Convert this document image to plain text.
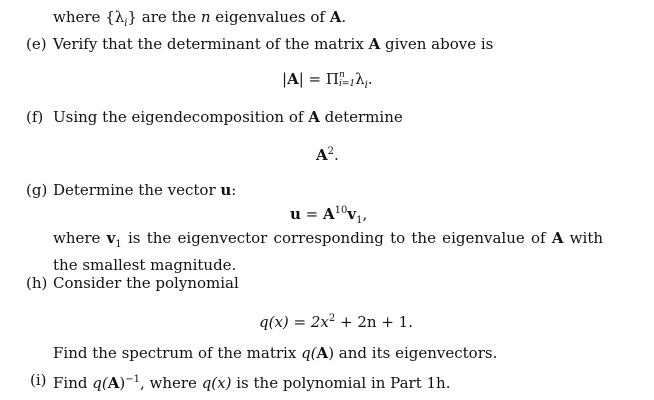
where $\{\lambda_i\}$ are the n eigenvalues of A.
(e) Verify that the determinant of the matrix A given above is
|A| = Π n
i=1 $\lambda_i$.
(f) Using the eigendecomposition of A determine
$A^2$.
(g) Determine the vector u:
$u = A^{10}v_1$,
where $v_1$ is the eigenvector corresponding to the eigenvalue of A with the smallest magnitude.
(h) Consider the polynomial
$q(x) = 2x^2 + 2n + 1$.
Find the spectrum of the matrix q(A) and its eigenvectors.
(i) Find $q(A)^{-1}$, where q(x) is the polynomial in Part 1h.
